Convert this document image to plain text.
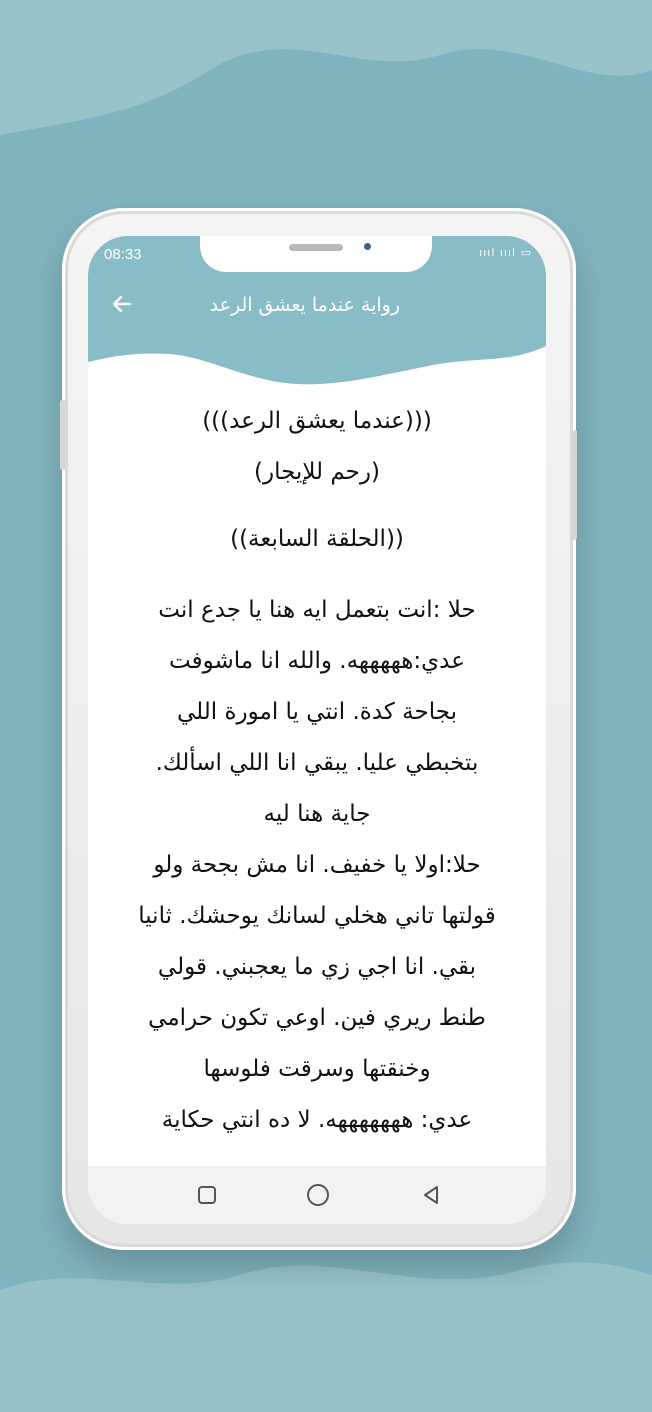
08:33	ıııl ıııl ▭
رواية عندما يعشق الرعد

(((عندما يعشق الرعد)))

(رحم للإيجار)

((الحلقة السابعة))

حلا :انت بتعمل ايه هنا يا جدع انت

عدي:هههههه. والله انا ماشوفت

بجاحة كدة. انتي يا امورة اللي

بتخبطي عليا. يبقي انا اللي اسألك.

جاية هنا ليه

حلا:اولا يا خفيف. انا مش بجحة ولو

قولتها تاني هخلي لسانك يوحشك. ثانيا

بقي. انا اجي زي ما يعجبني. قولي

طنط ريري فين. اوعي تكون حرامي

وخنقتها وسرقت فلوسها

عدي: هههههههه. لا ده انتي حكاية
